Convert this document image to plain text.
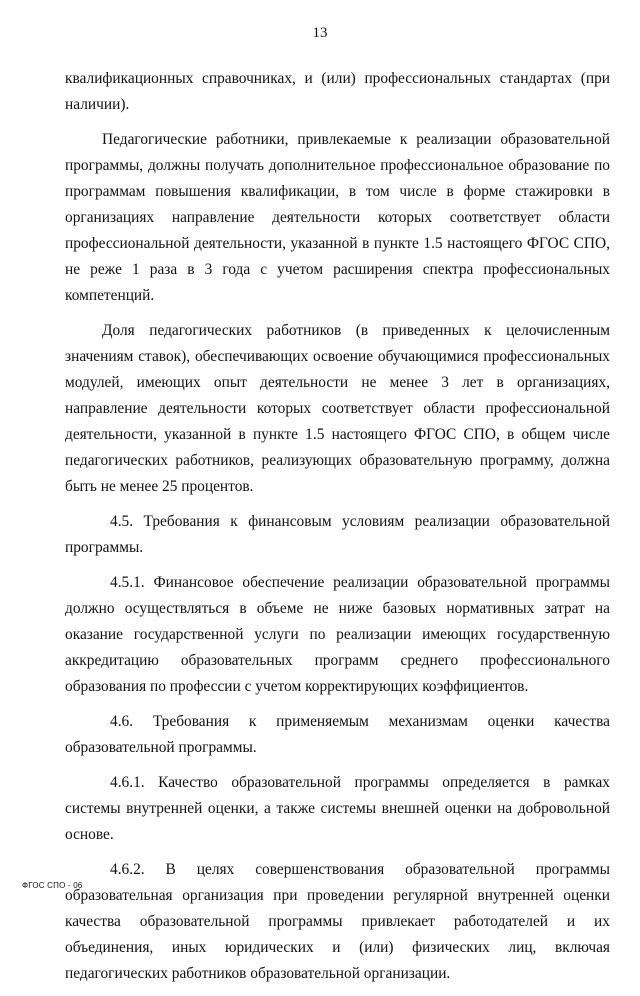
13

квалификационных справочниках, и (или) профессиональных стандартах (при наличии).

Педагогические работники, привлекаемые к реализации образовательной программы, должны получать дополнительное профессиональное образование по программам повышения квалификации, в том числе в форме стажировки в организациях направление деятельности которых соответствует области профессиональной деятельности, указанной в пункте 1.5 настоящего ФГОС СПО, не реже 1 раза в 3 года с учетом расширения спектра профессиональных компетенций.

Доля педагогических работников (в приведенных к целочисленным значениям ставок), обеспечивающих освоение обучающимися профессиональных модулей, имеющих опыт деятельности не менее 3 лет в организациях, направление деятельности которых соответствует области профессиональной деятельности, указанной в пункте 1.5 настоящего ФГОС СПО, в общем числе педагогических работников, реализующих образовательную программу, должна быть не менее 25 процентов.

4.5. Требования к финансовым условиям реализации образовательной программы.

4.5.1. Финансовое обеспечение реализации образовательной программы должно осуществляться в объеме не ниже базовых нормативных затрат на оказание государственной услуги по реализации имеющих государственную аккредитацию образовательных программ среднего профессионального образования по профессии с учетом корректирующих коэффициентов.

4.6. Требования к применяемым механизмам оценки качества образовательной программы.

4.6.1. Качество образовательной программы определяется в рамках системы внутренней оценки, а также системы внешней оценки на добровольной основе.

4.6.2. В целях совершенствования образовательной программы образовательная организация при проведении регулярной внутренней оценки качества образовательной программы привлекает работодателей и их объединения, иных юридических и (или) физических лиц, включая педагогических работников образовательной организации.

ФГОС СПО - 06
